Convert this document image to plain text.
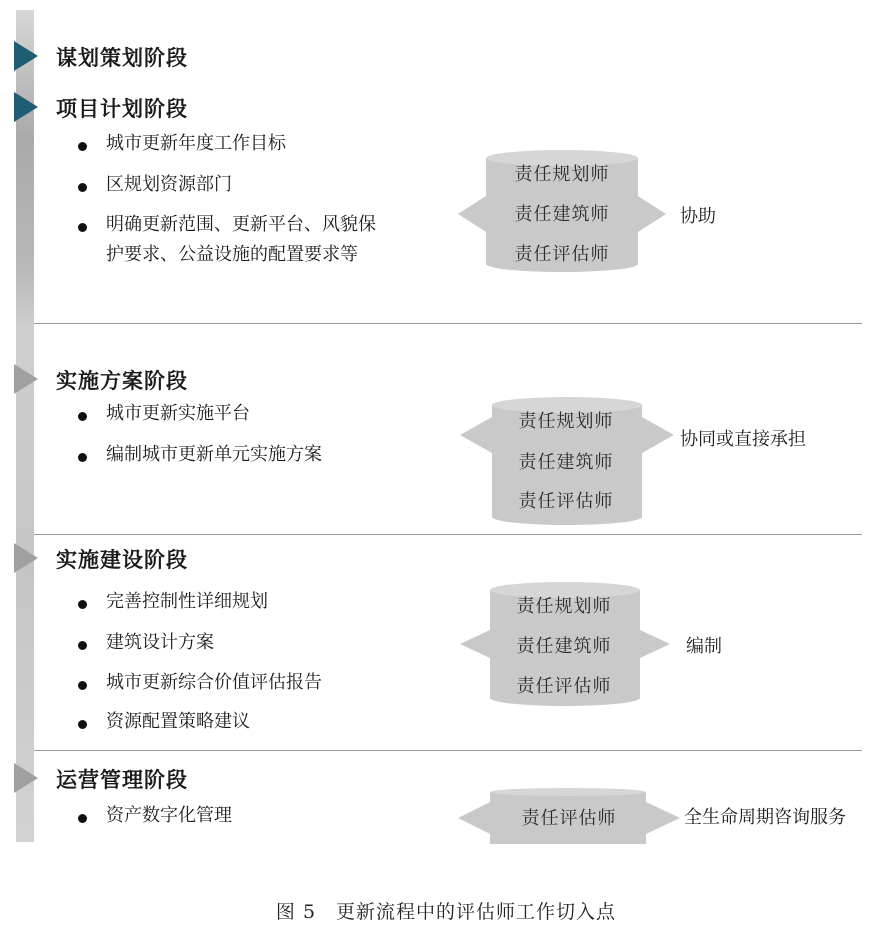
谋划策划阶段
项目计划阶段
城市更新年度工作目标
区规划资源部门
明确更新范围、更新平台、风貌保
护要求、公益设施的配置要求等
责任规划师
责任建筑师
责任评估师
协助
实施方案阶段
城市更新实施平台
编制城市更新单元实施方案
责任规划师
责任建筑师
责任评估师
协同或直接承担
实施建设阶段
完善控制性详细规划
建筑设计方案
城市更新综合价值评估报告
资源配置策略建议
责任规划师
责任建筑师
责任评估师
编制
运营管理阶段
资产数字化管理	责任评估师	全生命周期咨询服务
图 5　更新流程中的评估师工作切入点
